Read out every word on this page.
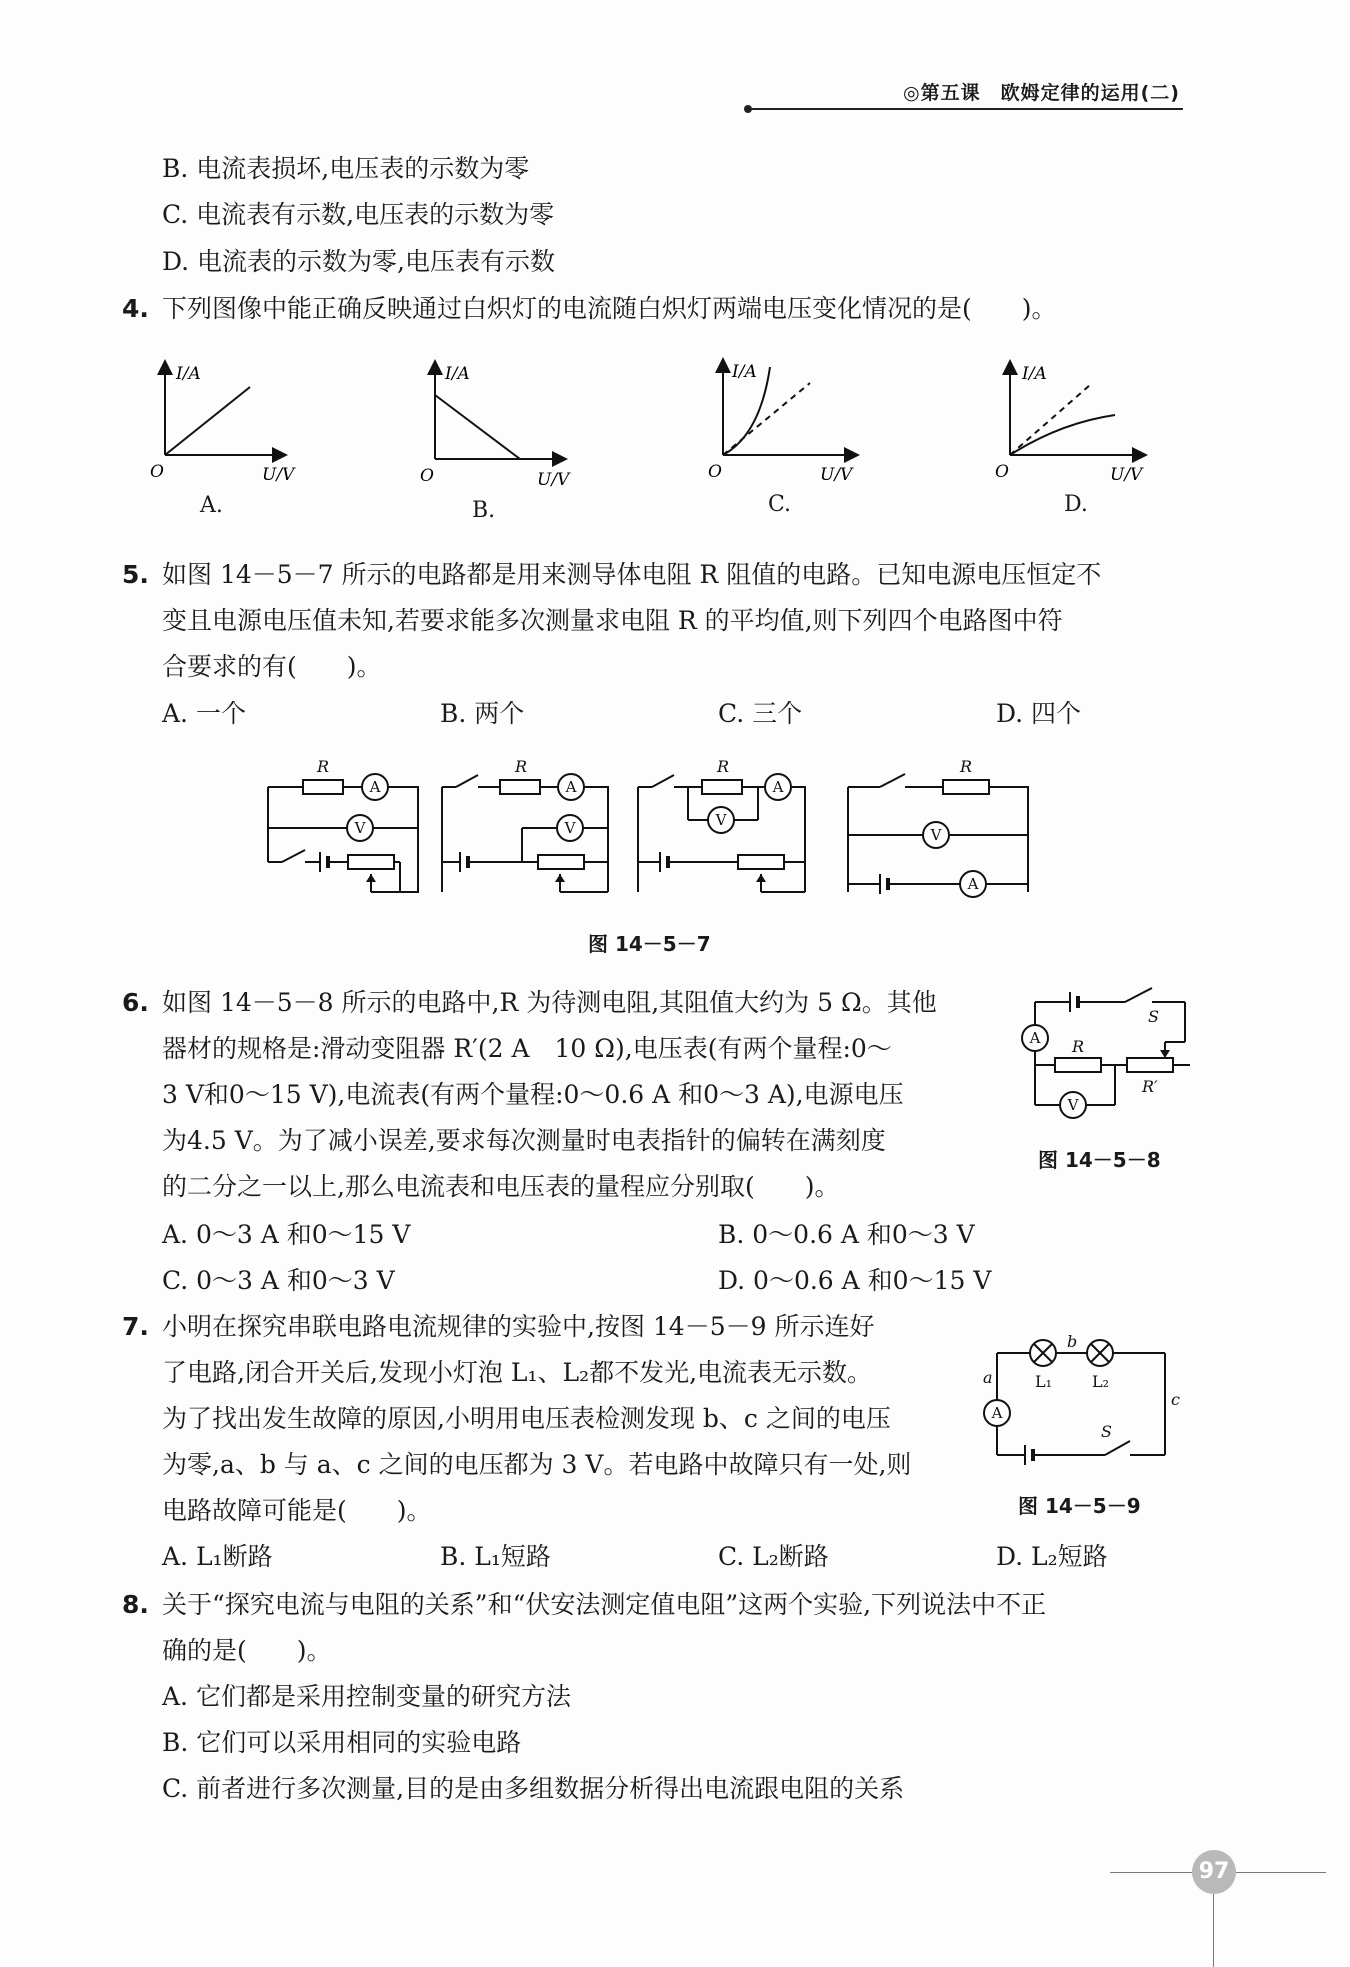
◎第五课　欧姆定律的运用(二)
B. 电流表损坏,电压表的示数为零
C. 电流表有示数,电压表的示数为零
D. 电流表的示数为零,电压表有示数
4. 下列图像中能正确反映通过白炽灯的电流随白炽灯两端电压变化情况的是(　　)。
I/A
U/V
O
I/A
U/V
O
I/A
U/V
O
I/A
U/V
O
A.	B.	C.	D.
5. 如图 14－5－7 所示的电路都是用来测导体电阻 R 阻值的电路。已知电源电压恒定不
变且电源电压值未知,若要求能多次测量求电阻 R 的平均值,则下列四个电路图中符
合要求的有(　　)。
A. 一个	B. 两个	C. 三个	D. 四个
R	R	R	R
A
V
A
V
A
V
V
A
图 14－5－7
6. 如图 14－5－8 所示的电路中,R 为待测电阻,其阻值大约为 5 Ω。其他
器材的规格是:滑动变阻器 R′(2 A　10 Ω),电压表(有两个量程:0～
3 V和0～15 V),电流表(有两个量程:0～0.6 A 和0～3 A),电源电压
为4.5 V。为了减小误差,要求每次测量时电表指针的偏转在满刻度
的二分之一以上,那么电流表和电压表的量程应分别取(　　)。
A. 0～3 A 和0～15 V	B. 0～0.6 A 和0～3 V
C. 0～3 A 和0～3 V	D. 0～0.6 A 和0～15 V
A
V
R
S
R′
图 14－5－8
7. 小明在探究串联电路电流规律的实验中,按图 14－5－9 所示连好
了电路,闭合开关后,发现小灯泡 L₁、L₂都不发光,电流表无示数。
为了找出发生故障的原因,小明用电压表检测发现 b、c 之间的电压
为零,a、b 与 a、c 之间的电压都为 3 V。若电路中故障只有一处,则
电路故障可能是(　　)。
A. L₁断路	B. L₁短路	C. L₂断路	D. L₂短路
A
a
b
c
S
L₁ L₂
图 14－5－9
8. 关于“探究电流与电阻的关系”和“伏安法测定值电阻”这两个实验,下列说法中不正
确的是(　　)。
A. 它们都是采用控制变量的研究方法
B. 它们可以采用相同的实验电路
C. 前者进行多次测量,目的是由多组数据分析得出电流跟电阻的关系
97
